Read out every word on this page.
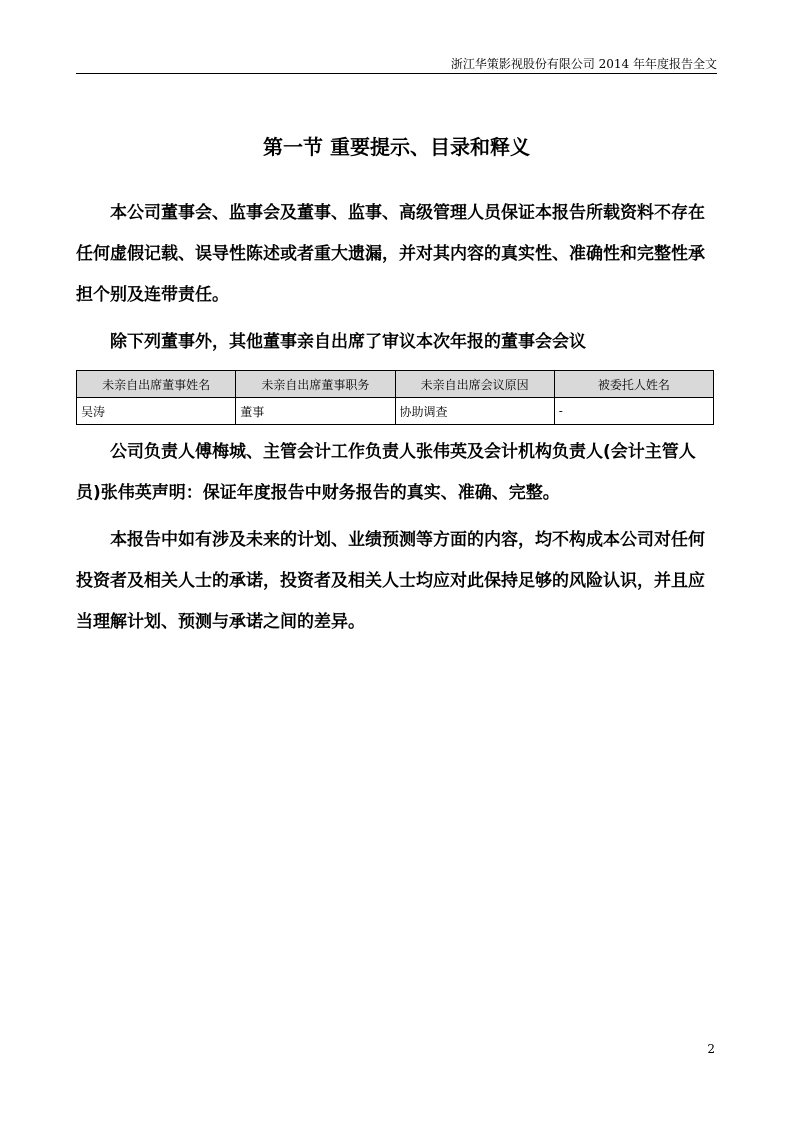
浙江华策影视股份有限公司 2014 年年度报告全文
第一节 重要提示、目录和释义

本公司董事会、监事会及董事、监事、高级管理人员保证本报告所载资料不存在任何虚假记载、误导性陈述或者重大遗漏，并对其内容的真实性、准确性和完整性承担个别及连带责任。

除下列董事外，其他董事亲自出席了审议本次年报的董事会会议

未亲自出席董事姓名	未亲自出席董事职务	未亲自出席会议原因	被委托人姓名
吴涛	董事	协助调查	-

公司负责人傅梅城、主管会计工作负责人张伟英及会计机构负责人(会计主管人员)张伟英声明：保证年度报告中财务报告的真实、准确、完整。

本报告中如有涉及未来的计划、业绩预测等方面的内容，均不构成本公司对任何投资者及相关人士的承诺，投资者及相关人士均应对此保持足够的风险认识，并且应当理解计划、预测与承诺之间的差异。

2
